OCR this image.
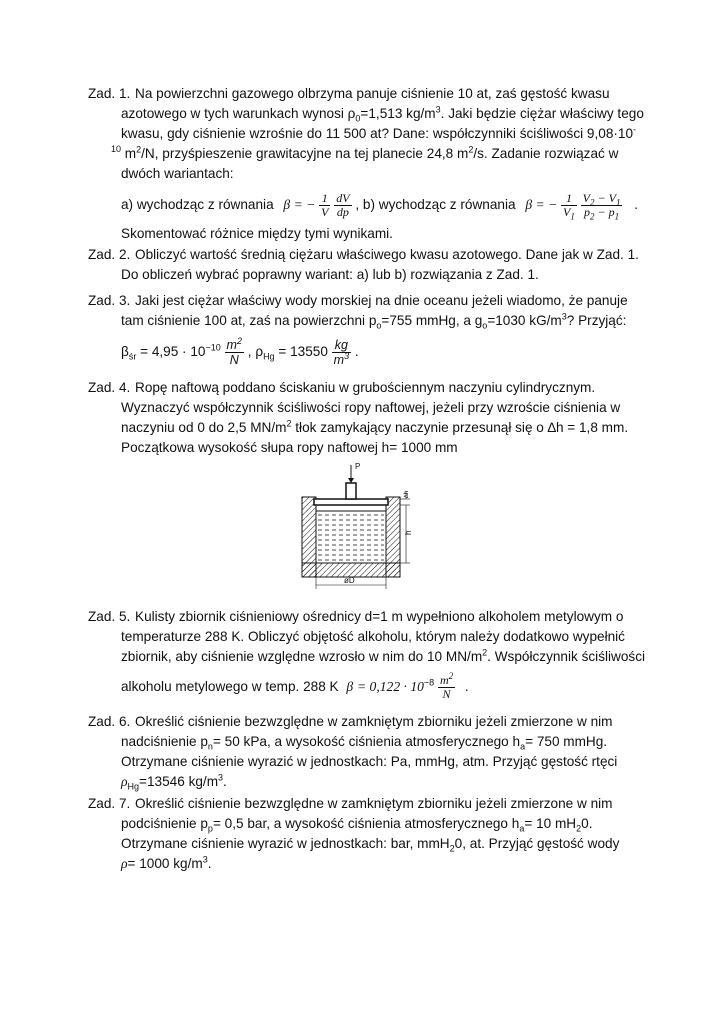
Zad. 1. Na powierzchni gazowego olbrzyma panuje ciśnienie 10 at, zaś gęstość kwasu
azotowego w tych warunkach wynosi $\rho_0=1,513$ $kg/m^3$. Jaki będzie ciężar właściwy tego
kwasu, gdy ciśnienie wzrośnie do 11 500 at? Dane: współczynniki ściśliwości 9,08·10-
$^{10}$ $m^2/N$, przyśpieszenie grawitacyjne na tej planecie 24,8 $m^2/s$. Zadanie rozwiązać w
dwóch wariantach:
a) wychodząc z równania β = − $\frac{1}{V}$
$\frac{dV}{dp}$ , b) wychodząc z równania β = − $\frac{1}{V_1}$
$\frac{V_2 - V_1}{p_2 - p_1}$ .
Skomentować różnice między tymi wynikami.
Zad. 2. Obliczyć wartość średnią ciężaru właściwego kwasu azotowego. Dane jak w Zad. 1.
Do obliczeń wybrać poprawny wariant: a) lub b) rozwiązania z Zad. 1.
Zad. 3. Jaki jest ciężar właściwy wody morskiej na dnie oceanu jeżeli wiadomo, że panuje
tam ciśnienie 100 at, zaś na powierzchni $p_o=755$ mmHg, a $g_o=1030$ $kG/m^3$? Przyjąć:
$\beta_{śr} = 4,95 \cdot 10^{-10} \frac{m^2}{N}$ , $\rho_{Hg} = 13550 \frac{kg}{m^3}$ .
Zad. 4. Ropę naftową poddano ściskaniu w grubościennym naczyniu cylindrycznym.
Wyznaczyć współczynnik ściśliwości ropy naftowej, jeżeli przy wzroście ciśnienia w
naczyniu od 0 do 2,5 $MN/m^2$ tłok zamykający naczynie przesunął się o ∆h = 1,8 mm.
Początkowa wysokość słupa ropy naftowej h= 1000 mm
P
∆h
h
øD
Zad. 5. Kulisty zbiornik ciśnieniowy ośrednicy d=1 m wypełniono alkoholem metylowym o
temperaturze 288 K. Obliczyć objętość alkoholu, którym należy dodatkowo wypełnić
zbiornik, aby ciśnienie względne wzrosło w nim do 10 $MN/m^2$. Współczynnik ściśliwości
alkoholu metylowego w temp. 288 K $\beta = 0,122 \cdot 10^{-8} \frac{m^2}{N}$ .
Zad. 6. Określić ciśnienie bezwzględne w zamkniętym zbiorniku jeżeli zmierzone w nim
nadciśnienie $p_n= 50$ kPa, a wysokość ciśnienia atmosferycznego $h_a= 750$ mmHg.
Otrzymane ciśnienie wyrazić w jednostkach: Pa, mmHg, atm. Przyjąć gęstość rtęci
$\rho_{Hg}=13546$ $kg/m^3$.
Zad. 7. Określić ciśnienie bezwzględne w zamkniętym zbiorniku jeżeli zmierzone w nim
podciśnienie $p_p= 0,5$ bar, a wysokość ciśnienia atmosferycznego $h_a= 10$ $mH_20$.
Otrzymane ciśnienie wyrazić w jednostkach: bar, mmH$_2$0, at. Przyjąć gęstość wody
ρ= 1000 $kg/m^3$.
